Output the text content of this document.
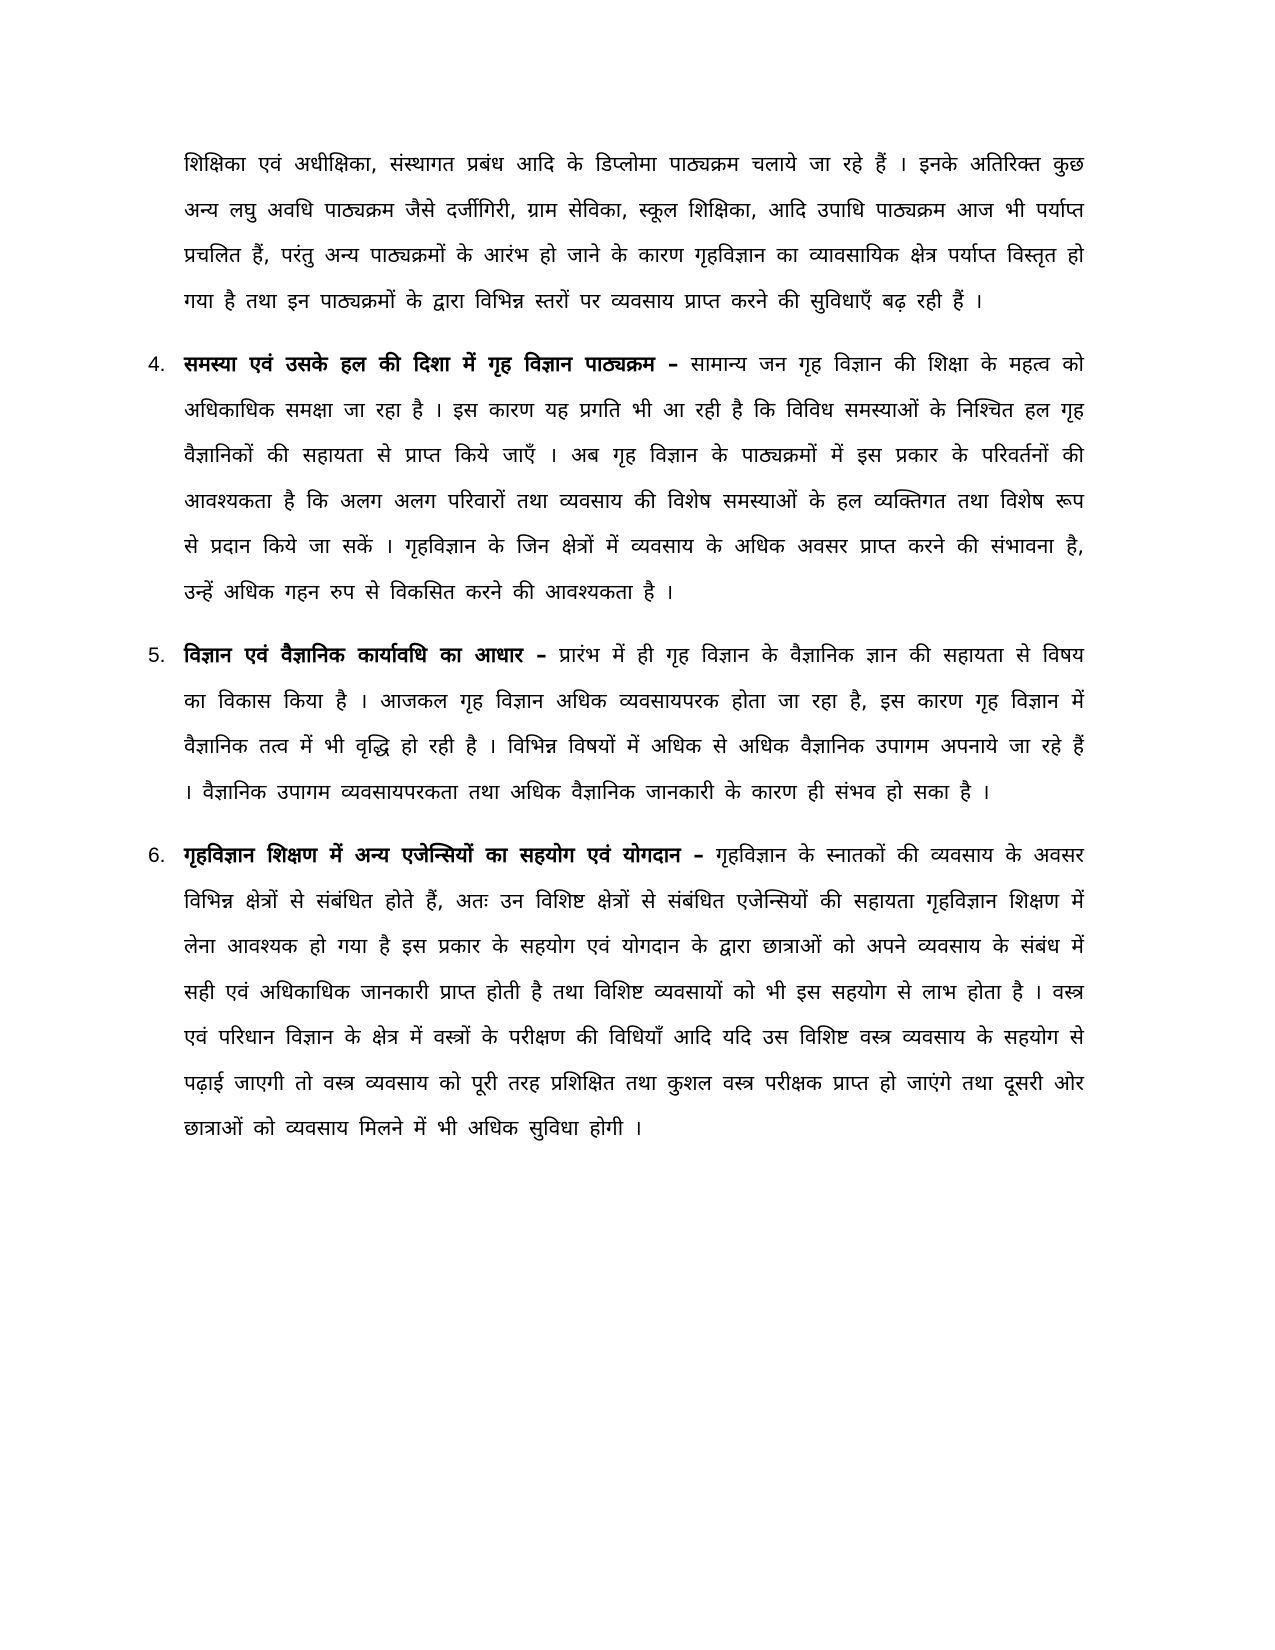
शिक्षिका एवं अधीक्षिका, संस्थागत प्रबंध आदि के डिप्लोमा पाठ्यक्रम चलाये जा रहे हैं । इनके अतिरिक्त कुछ अन्य लघु अवधि पाठ्यक्रम जैसे दर्जीगिरी, ग्राम सेविका, स्कूल शिक्षिका, आदि उपाधि पाठ्यक्रम आज भी पर्याप्त प्रचलित हैं, परंतु अन्य पाठ्यक्रमों के आरंभ हो जाने के कारण गृहविज्ञान का व्यावसायिक क्षेत्र पर्याप्त विस्तृत हो गया है तथा इन पाठ्यक्रमों के द्वारा विभिन्न स्तरों पर व्यवसाय प्राप्त करने की सुविधाएँ बढ़ रही हैं ।

4. समस्या एवं उसके हल की दिशा में गृह विज्ञान पाठ्यक्रम – सामान्य जन गृह विज्ञान की शिक्षा के महत्व को अधिकाधिक समक्षा जा रहा है । इस कारण यह प्रगति भी आ रही है कि विविध समस्याओं के निश्चित हल गृह वैज्ञानिकों की सहायता से प्राप्त किये जाएँ । अब गृह विज्ञान के पाठ्यक्रमों में इस प्रकार के परिवर्तनों की आवश्यकता है कि अलग अलग परिवारों तथा व्यवसाय की विशेष समस्याओं के हल व्यक्तिगत तथा विशेष रूप से प्रदान किये जा सकें । गृहविज्ञान के जिन क्षेत्रों में व्यवसाय के अधिक अवसर प्राप्त करने की संभावना है, उन्हें अधिक गहन रुप से विकसित करने की आवश्यकता है ।

5. विज्ञान एवं वैज्ञानिक कार्यावधि का आधार – प्रारंभ में ही गृह विज्ञान के वैज्ञानिक ज्ञान की सहायता से विषय का विकास किया है । आजकल गृह विज्ञान अधिक व्यवसायपरक होता जा रहा है, इस कारण गृह विज्ञान में वैज्ञानिक तत्व में भी वृद्धि हो रही है । विभिन्न विषयों में अधिक से अधिक वैज्ञानिक उपागम अपनाये जा रहे हैं । वैज्ञानिक उपागम व्यवसायपरकता तथा अधिक वैज्ञानिक जानकारी के कारण ही संभव हो सका है ।

6. गृहविज्ञान शिक्षण में अन्य एजेन्सियों का सहयोग एवं योगदान – गृहविज्ञान के स्नातकों की व्यवसाय के अवसर विभिन्न क्षेत्रों से संबंधित होते हैं, अतः उन विशिष्ट क्षेत्रों से संबंधित एजेन्सियों की सहायता गृहविज्ञान शिक्षण में लेना आवश्यक हो गया है इस प्रकार के सहयोग एवं योगदान के द्वारा छात्राओं को अपने व्यवसाय के संबंध में सही एवं अधिकाधिक जानकारी प्राप्त होती है तथा विशिष्ट व्यवसायों को भी इस सहयोग से लाभ होता है । वस्त्र एवं परिधान विज्ञान के क्षेत्र में वस्त्रों के परीक्षण की विधियाँ आदि यदि उस विशिष्ट वस्त्र व्यवसाय के सहयोग से पढ़ाई जाएगी तो वस्त्र व्यवसाय को पूरी तरह प्रशिक्षित तथा कुशल वस्त्र परीक्षक प्राप्त हो जाएंगे तथा दूसरी ओर छात्राओं को व्यवसाय मिलने में भी अधिक सुविधा होगी ।
